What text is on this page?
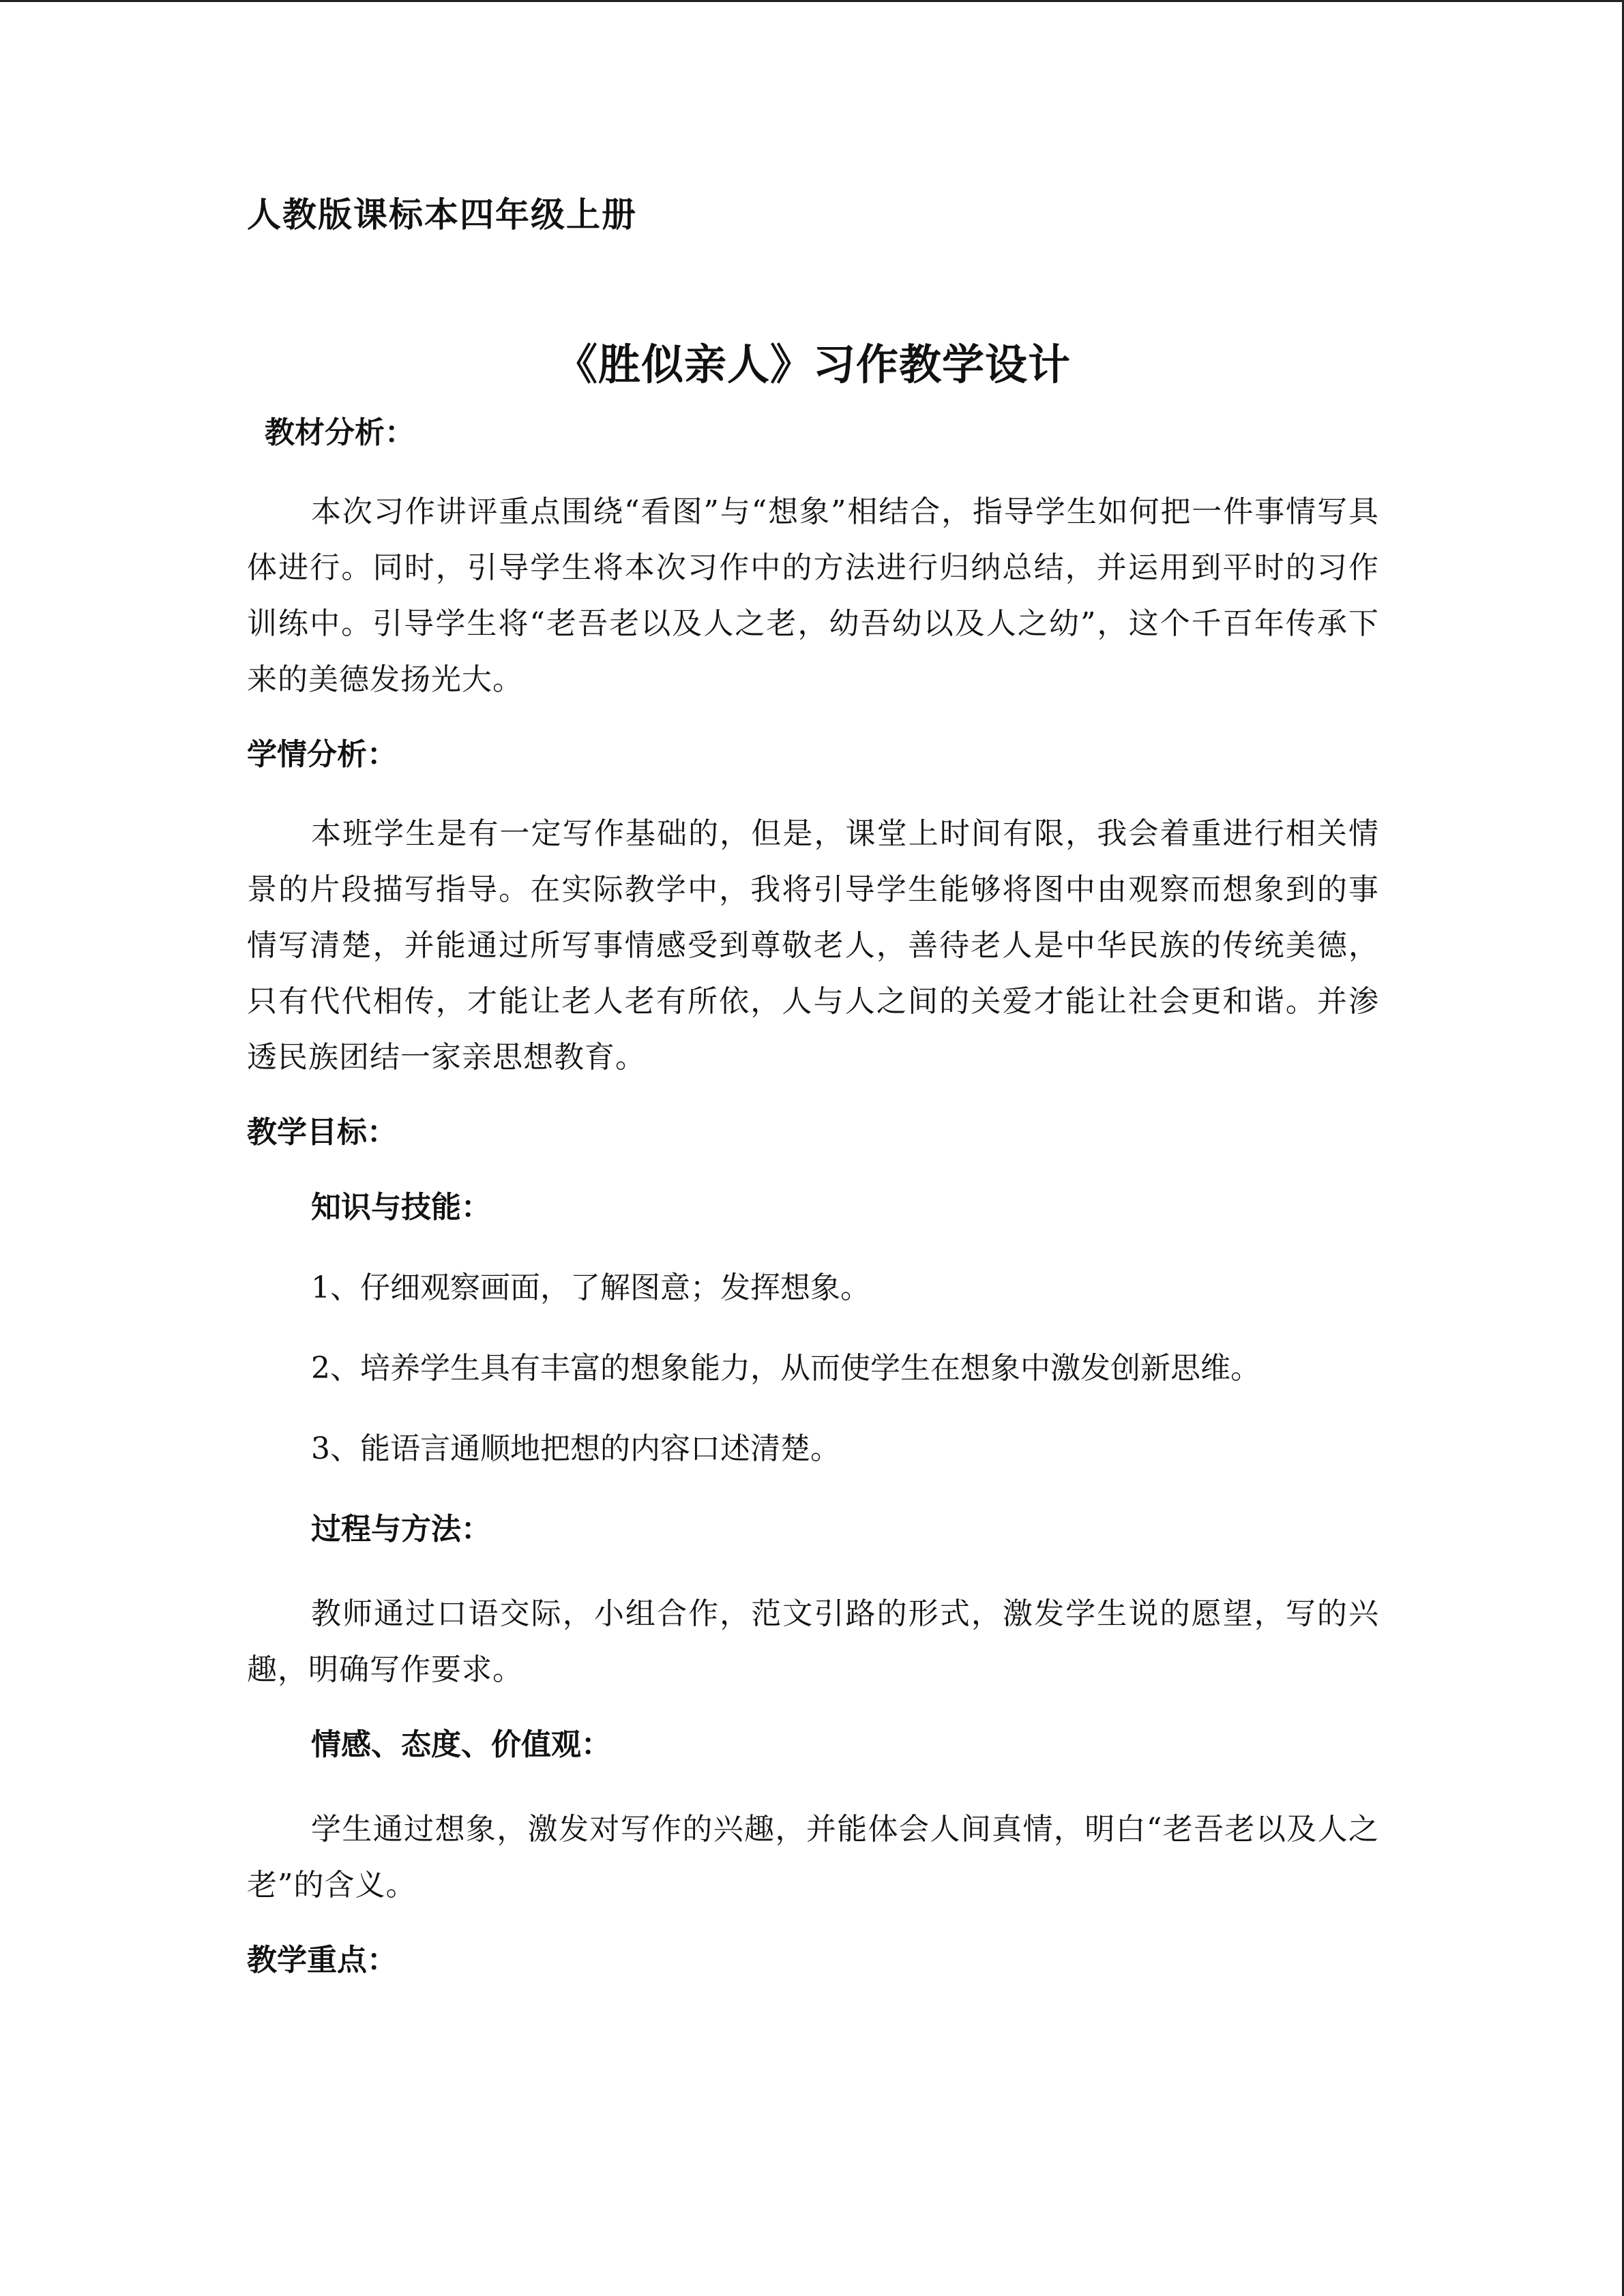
人教版课标本四年级上册
《胜似亲人》习作教学设计
教材分析：

本次习作讲评重点围绕“看图”与“想象”相结合，指导学生如何把一件事情写具体进行。同时，引导学生将本次习作中的方法进行归纳总结，并运用到平时的习作训练中。引导学生将“老吾老以及人之老，幼吾幼以及人之幼”，这个千百年传承下来的美德发扬光大。

学情分析：

本班学生是有一定写作基础的，但是，课堂上时间有限，我会着重进行相关情景的片段描写指导。在实际教学中，我将引导学生能够将图中由观察而想象到的事情写清楚，并能通过所写事情感受到尊敬老人，善待老人是中华民族的传统美德，只有代代相传，才能让老人老有所依，人与人之间的关爱才能让社会更和谐。并渗透民族团结一家亲思想教育。

教学目标：
知识与技能：
1、仔细观察画面，了解图意；发挥想象。
2、培养学生具有丰富的想象能力，从而使学生在想象中激发创新思维。
3、能语言通顺地把想的内容口述清楚。
过程与方法：

教师通过口语交际，小组合作，范文引路的形式，激发学生说的愿望，写的兴趣，明确写作要求。

情感、态度、价值观：

学生通过想象，激发对写作的兴趣，并能体会人间真情，明白“老吾老以及人之老”的含义。

教学重点：
